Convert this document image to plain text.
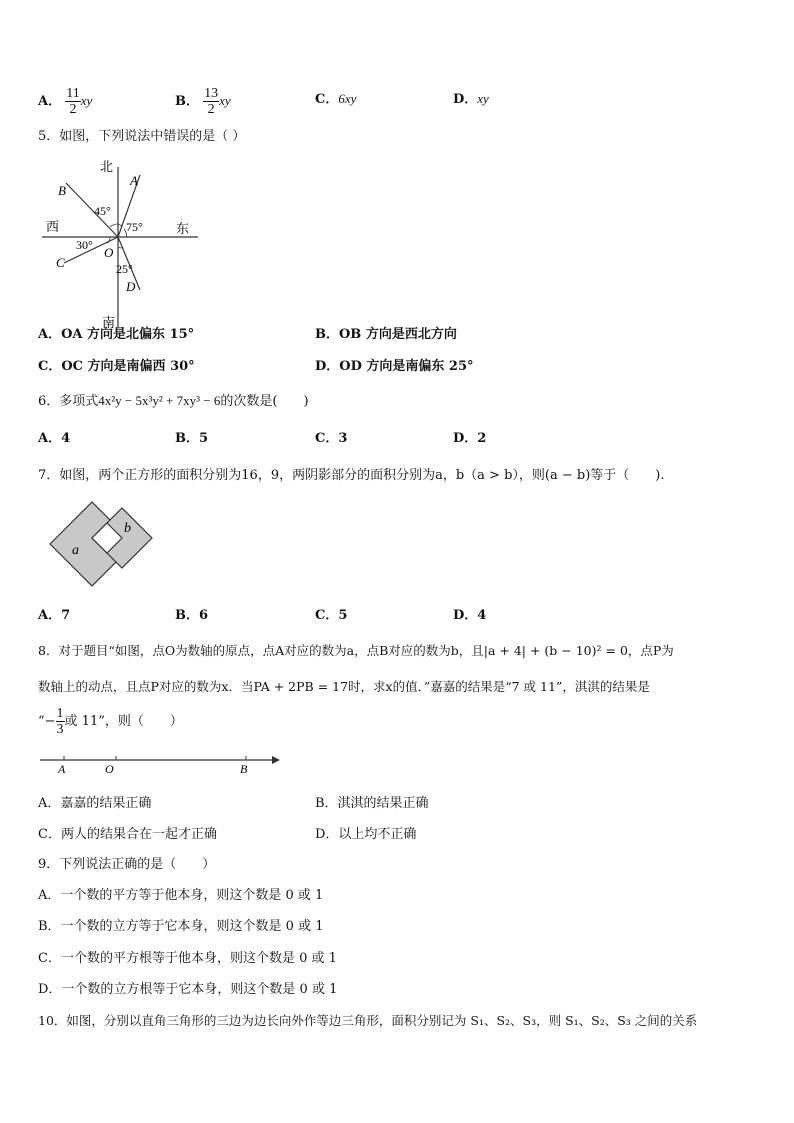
A． $\frac{11}{2}$ xy	B． $\frac{13}{2}$ xy	C．6xy	D．xy
5．如图，下列说法中错误的是（ ）
北
南
西	东
A
B
C
D
O
45°
75°
30°
25°
A．OA 方向是北偏东 15°	B．OB 方向是西北方向
C．OC 方向是南偏西 30°	D．OD 方向是南偏东 25°
6．多项式4x²y − 5x³y² + 7xy³ − 6的次数是(　　)
A．4	B．5	C．3	D．2
7．如图，两个正方形的面积分别为16，9，两阴影部分的面积分别为a，b（a > b），则(a − b)等于（　　).
a
b
A．7	B．6	C．5	D．4
8．对于题目“如图，点O为数轴的原点，点A对应的数为a，点B对应的数为b，且|a + 4| + (b − 10)² = 0，点P为
数轴上的动点，且点P对应的数为x．当PA + 2PB = 17时，求x的值．”嘉嘉的结果是“7 或 11”，淇淇的结果是
“− $\frac{1}{3}$ 或 11”，则（　　）
A	O	B
A．嘉嘉的结果正确	B．淇淇的结果正确
C．两人的结果合在一起才正确	D．以上均不正确
9．下列说法正确的是（　　）
A．一个数的平方等于他本身，则这个数是 0 或 1
B．一个数的立方等于它本身，则这个数是 0 或 1
C．一个数的平方根等于他本身，则这个数是 0 或 1
D．一个数的立方根等于它本身，则这个数是 0 或 1
10．如图，分别以直角三角形的三边为边长向外作等边三角形，面积分别记为 S₁、S₂、S₃，则 S₁、S₂、S₃ 之间的关系
